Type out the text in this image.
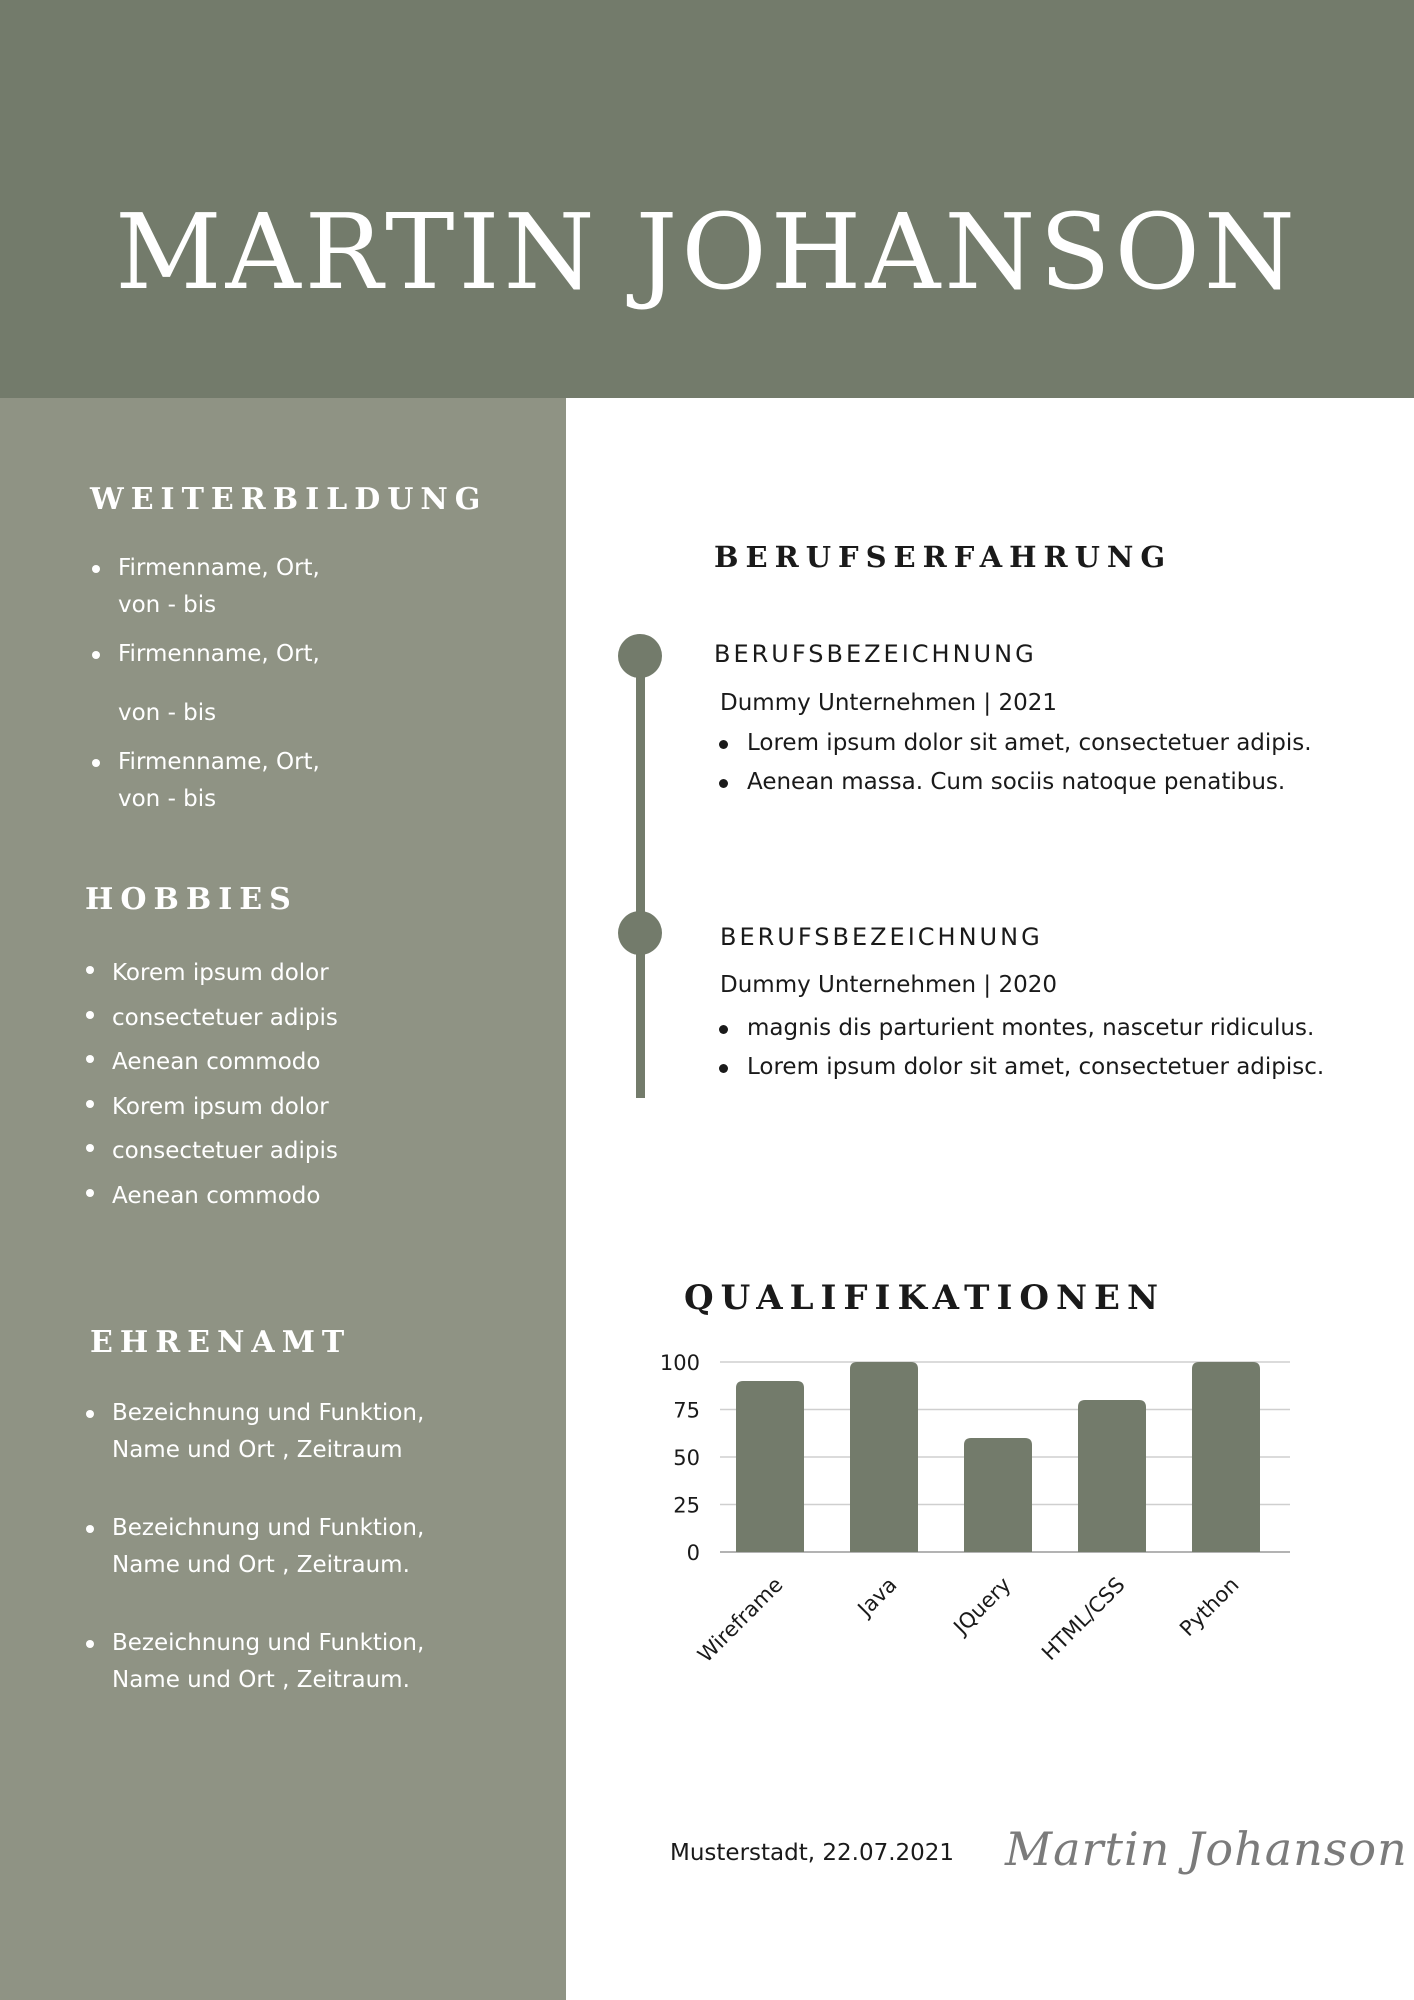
MARTIN JOHANSON
WEITERBILDUNG
Firmenname, Ort,
von - bis
Firmenname, Ort,
von - bis
Firmenname, Ort,
von - bis
HOBBIES
Korem ipsum dolor
consectetuer adipis
Aenean commodo
Korem ipsum dolor
consectetuer adipis
Aenean commodo
EHRENAMT
Bezeichnung und Funktion,
Name und Ort , Zeitraum
Bezeichnung und Funktion,
Name und Ort , Zeitraum.
Bezeichnung und Funktion,
Name und Ort , Zeitraum.
BERUFSERFAHRUNG
BERUFSBEZEICHNUNG
Dummy Unternehmen | 2021
Lorem ipsum dolor sit amet, consectetuer adipis.
Aenean massa. Cum sociis natoque penatibus.
BERUFSBEZEICHNUNG
Dummy Unternehmen | 2020
magnis dis parturient montes, nascetur ridiculus.
Lorem ipsum dolor sit amet, consectetuer adipisc.
QUALIFIKATIONEN
0
25
50
75
100
Wireframe	Java JQuery HTML/CSS Python
Musterstadt, 22.07.2021 Martin Johanson
